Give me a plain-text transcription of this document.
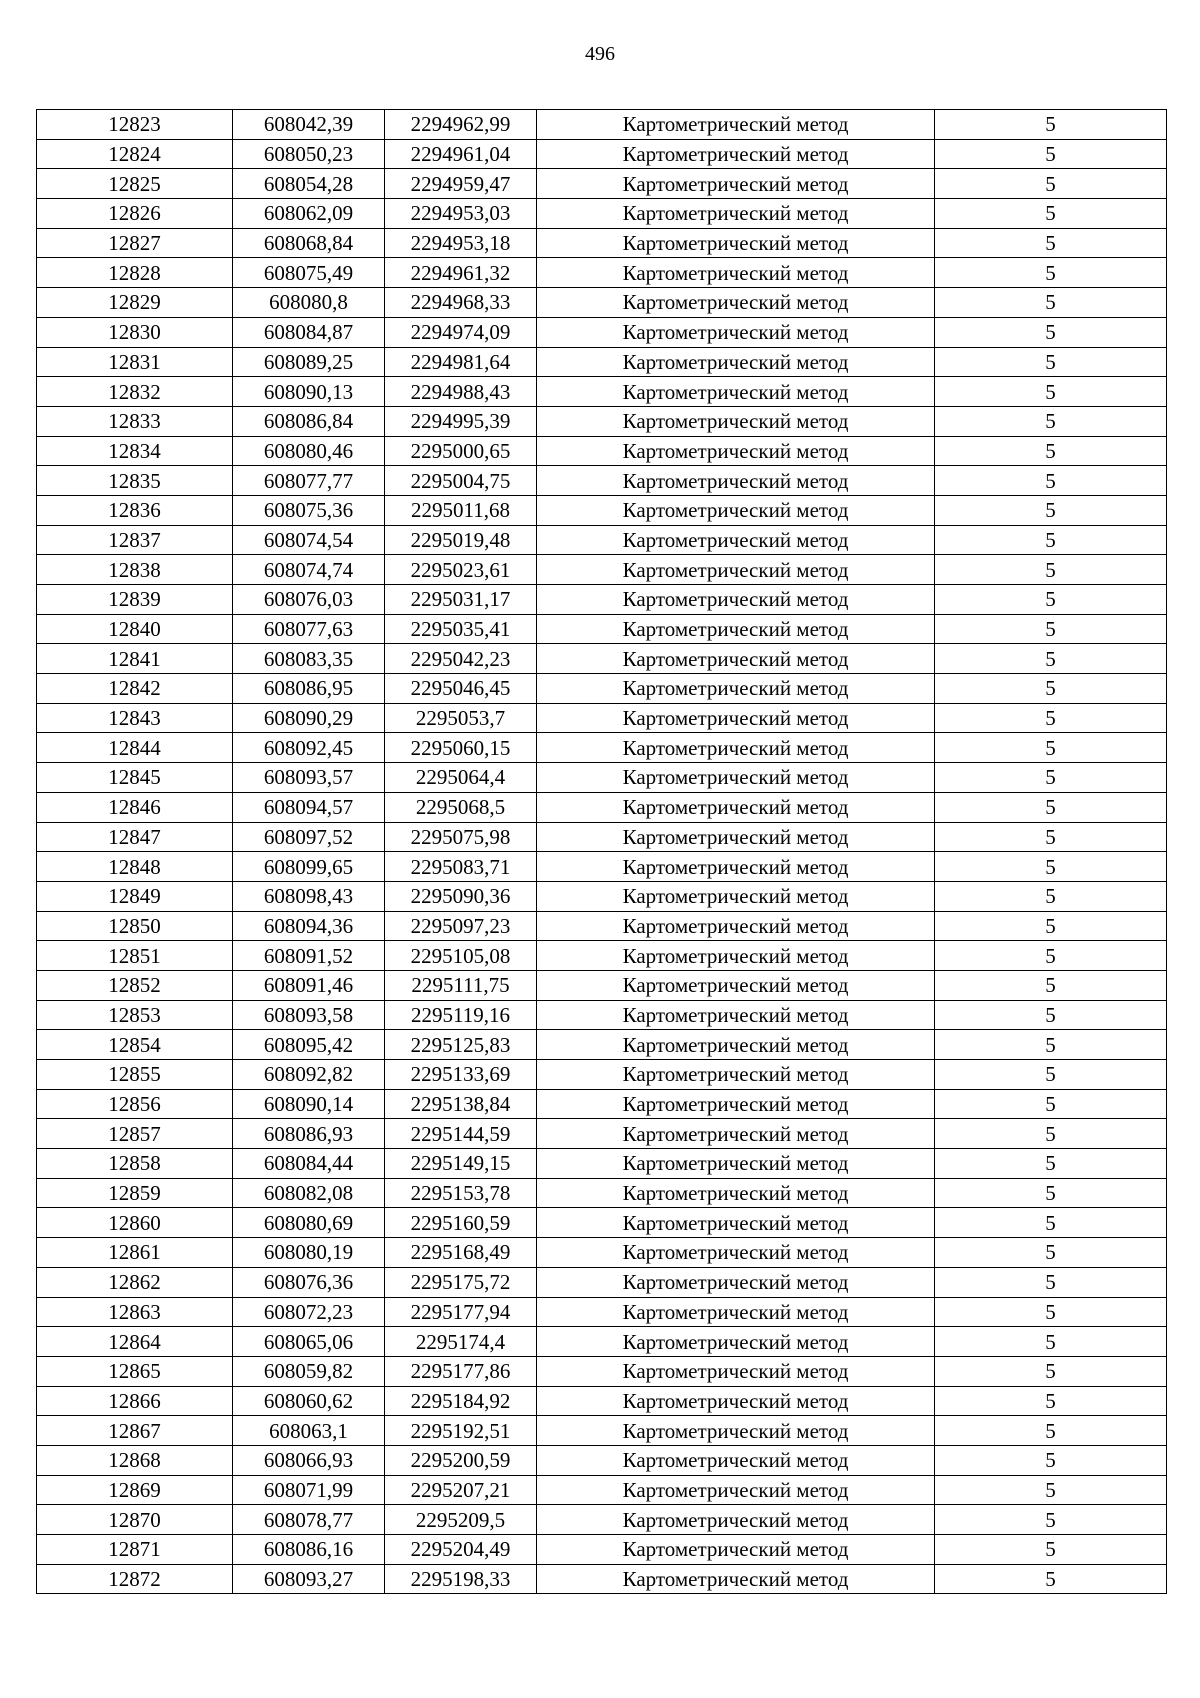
496
12823	608042,39	2294962,99	Картометрический метод	5
12824	608050,23	2294961,04	Картометрический метод	5
12825	608054,28	2294959,47	Картометрический метод	5
12826	608062,09	2294953,03	Картометрический метод	5
12827	608068,84	2294953,18	Картометрический метод	5
12828	608075,49	2294961,32	Картометрический метод	5
12829	608080,8	2294968,33	Картометрический метод	5
12830	608084,87	2294974,09	Картометрический метод	5
12831	608089,25	2294981,64	Картометрический метод	5
12832	608090,13	2294988,43	Картометрический метод	5
12833	608086,84	2294995,39	Картометрический метод	5
12834	608080,46	2295000,65	Картометрический метод	5
12835	608077,77	2295004,75	Картометрический метод	5
12836	608075,36	2295011,68	Картометрический метод	5
12837	608074,54	2295019,48	Картометрический метод	5
12838	608074,74	2295023,61	Картометрический метод	5
12839	608076,03	2295031,17	Картометрический метод	5
12840	608077,63	2295035,41	Картометрический метод	5
12841	608083,35	2295042,23	Картометрический метод	5
12842	608086,95	2295046,45	Картометрический метод	5
12843	608090,29	2295053,7	Картометрический метод	5
12844	608092,45	2295060,15	Картометрический метод	5
12845	608093,57	2295064,4	Картометрический метод	5
12846	608094,57	2295068,5	Картометрический метод	5
12847	608097,52	2295075,98	Картометрический метод	5
12848	608099,65	2295083,71	Картометрический метод	5
12849	608098,43	2295090,36	Картометрический метод	5
12850	608094,36	2295097,23	Картометрический метод	5
12851	608091,52	2295105,08	Картометрический метод	5
12852	608091,46	2295111,75	Картометрический метод	5
12853	608093,58	2295119,16	Картометрический метод	5
12854	608095,42	2295125,83	Картометрический метод	5
12855	608092,82	2295133,69	Картометрический метод	5
12856	608090,14	2295138,84	Картометрический метод	5
12857	608086,93	2295144,59	Картометрический метод	5
12858	608084,44	2295149,15	Картометрический метод	5
12859	608082,08	2295153,78	Картометрический метод	5
12860	608080,69	2295160,59	Картометрический метод	5
12861	608080,19	2295168,49	Картометрический метод	5
12862	608076,36	2295175,72	Картометрический метод	5
12863	608072,23	2295177,94	Картометрический метод	5
12864	608065,06	2295174,4	Картометрический метод	5
12865	608059,82	2295177,86	Картометрический метод	5
12866	608060,62	2295184,92	Картометрический метод	5
12867	608063,1	2295192,51	Картометрический метод	5
12868	608066,93	2295200,59	Картометрический метод	5
12869	608071,99	2295207,21	Картометрический метод	5
12870	608078,77	2295209,5	Картометрический метод	5
12871	608086,16	2295204,49	Картометрический метод	5
12872	608093,27	2295198,33	Картометрический метод	5
